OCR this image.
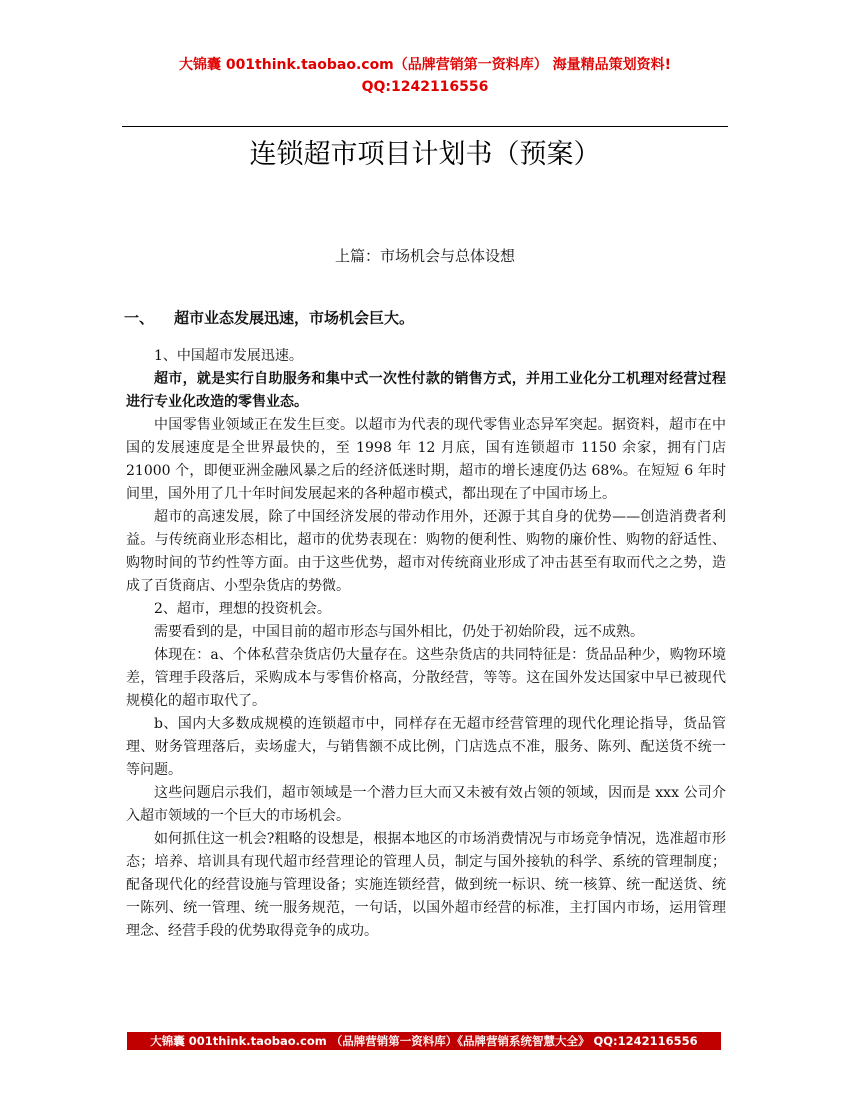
大锦囊 001think.taobao.com（品牌营销第一资料库） 海量精品策划资料!
QQ:1242116556
连锁超市项目计划书（预案）
上篇：市场机会与总体设想
一、 超市业态发展迅速，市场机会巨大。

1、中国超市发展迅速。

超市，就是实行自助服务和集中式一次性付款的销售方式，并用工业化分工机理对经营过程进行专业化改造的零售业态。

中国零售业领域正在发生巨变。以超市为代表的现代零售业态异军突起。据资料，超市在中国的发展速度是全世界最快的，至 1998 年 12 月底，国有连锁超市 1150 余家，拥有门店 21000 个，即便亚洲金融风暴之后的经济低迷时期，超市的增长速度仍达 68%。在短短 6 年时间里，国外用了几十年时间发展起来的各种超市模式，都出现在了中国市场上。

超市的高速发展，除了中国经济发展的带动作用外，还源于其自身的优势——创造消费者利益。与传统商业形态相比，超市的优势表现在：购物的便利性、购物的廉价性、购物的舒适性、购物时间的节约性等方面。由于这些优势，超市对传统商业形成了冲击甚至有取而代之之势，造成了百货商店、小型杂货店的势微。

2、超市，理想的投资机会。

需要看到的是，中国目前的超市形态与国外相比，仍处于初始阶段，远不成熟。

体现在：a、个体私营杂货店仍大量存在。这些杂货店的共同特征是：货品品种少，购物环境差，管理手段落后，采购成本与零售价格高，分散经营，等等。这在国外发达国家中早已被现代规模化的超市取代了。

b、国内大多数成规模的连锁超市中，同样存在无超市经营管理的现代化理论指导，货品管理、财务管理落后，卖场虚大，与销售额不成比例，门店选点不准，服务、陈列、配送货不统一等问题。

这些问题启示我们，超市领域是一个潜力巨大而又未被有效占领的领域，因而是 xxx 公司介入超市领域的一个巨大的市场机会。

如何抓住这一机会?粗略的设想是，根据本地区的市场消费情况与市场竞争情况，选准超市形态；培养、培训具有现代超市经营理论的管理人员，制定与国外接轨的科学、系统的管理制度；配备现代化的经营设施与管理设备；实施连锁经营，做到统一标识、统一核算、统一配送货、统一陈列、统一管理、统一服务规范，一句话，以国外超市经营的标准，主打国内市场，运用管理理念、经营手段的优势取得竞争的成功。

大锦囊 001think.taobao.com （品牌营销第一资料库）《品牌营销系统智慧大全》 QQ:1242116556
